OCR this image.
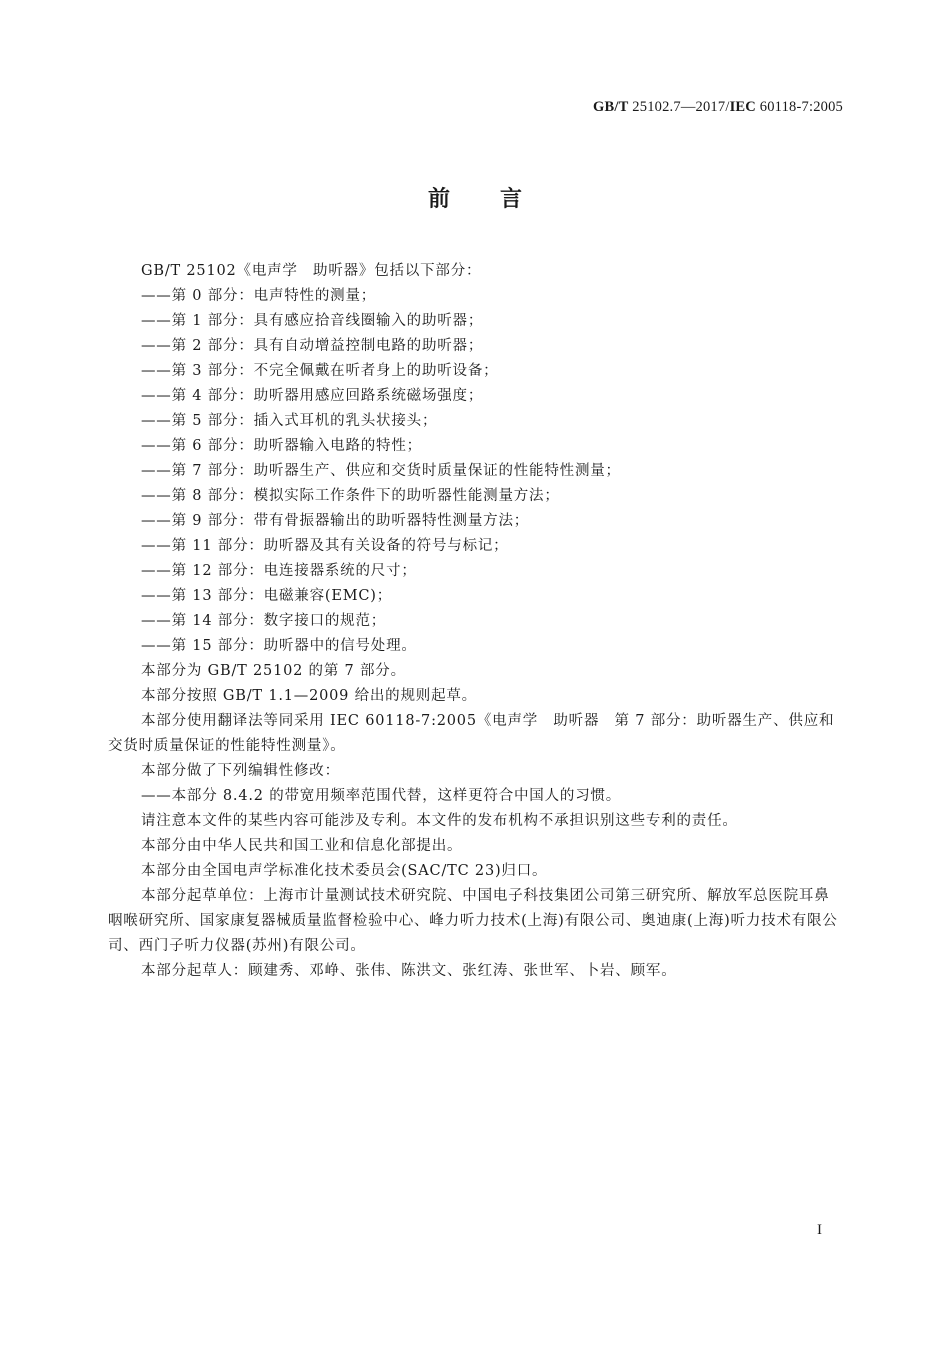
GB/T 25102.7—2017/IEC 60118-7:2005
前言

GB/T 25102《电声学　助听器》包括以下部分：

——第 0 部分：电声特性的测量；

——第 1 部分：具有感应拾音线圈输入的助听器；

——第 2 部分：具有自动增益控制电路的助听器；

——第 3 部分：不完全佩戴在听者身上的助听设备；

——第 4 部分：助听器用感应回路系统磁场强度；

——第 5 部分：插入式耳机的乳头状接头；

——第 6 部分：助听器输入电路的特性；

——第 7 部分：助听器生产、供应和交货时质量保证的性能特性测量；

——第 8 部分：模拟实际工作条件下的助听器性能测量方法；

——第 9 部分：带有骨振器输出的助听器特性测量方法；

——第 11 部分：助听器及其有关设备的符号与标记；

——第 12 部分：电连接器系统的尺寸；

——第 13 部分：电磁兼容(EMC)；

——第 14 部分：数字接口的规范；

——第 15 部分：助听器中的信号处理。

本部分为 GB/T 25102 的第 7 部分。

本部分按照 GB/T 1.1—2009 给出的规则起草。

本部分使用翻译法等同采用 IEC 60118-7:2005《电声学　助听器　第 7 部分：助听器生产、供应和交货时质量保证的性能特性测量》。

本部分做了下列编辑性修改：

——本部分 8.4.2 的带宽用频率范围代替，这样更符合中国人的习惯。

请注意本文件的某些内容可能涉及专利。本文件的发布机构不承担识别这些专利的责任。

本部分由中华人民共和国工业和信息化部提出。

本部分由全国电声学标准化技术委员会(SAC/TC 23)归口。

本部分起草单位：上海市计量测试技术研究院、中国电子科技集团公司第三研究所、解放军总医院耳鼻咽喉研究所、国家康复器械质量监督检验中心、峰力听力技术(上海)有限公司、奥迪康(上海)听力技术有限公司、西门子听力仪器(苏州)有限公司。

本部分起草人：顾建秀、邓峥、张伟、陈洪文、张红涛、张世军、卜岩、顾军。

I
